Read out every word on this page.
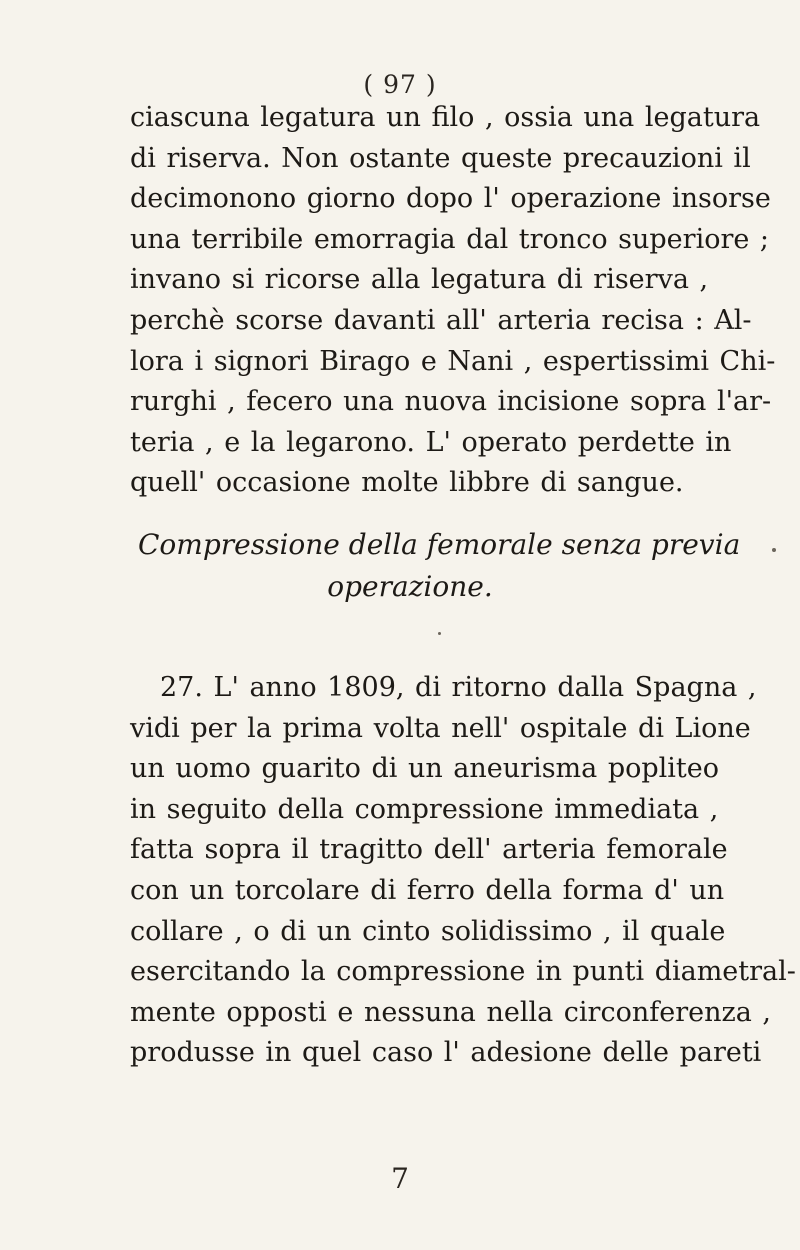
( 97 )
ciascuna legatura un filo , ossia una legatura
di riserva. Non ostante queste precauzioni il
decimonono giorno dopo l' operazione insorse
una terribile emorragia dal tronco superiore ;
invano si ricorse alla legatura di riserva ,
perchè scorse davanti all' arteria recisa : Al-
lora i signori Birago e Nani , espertissimi Chi-
rurghi , fecero una nuova incisione sopra l'ar-
teria , e la legarono. L' operato perdette in
quell' occasione molte libbre di sangue.
Compressione della femorale senza previa
operazione.
27. L' anno 1809, di ritorno dalla Spagna ,
vidi per la prima volta nell' ospitale di Lione
un uomo guarito di un aneurisma popliteo
in seguito della compressione immediata ,
fatta sopra il tragitto dell' arteria femorale
con un torcolare di ferro della forma d' un
collare , o di un cinto solidissimo , il quale
esercitando la compressione in punti diametral-
mente opposti e nessuna nella circonferenza ,
produsse in quel caso l' adesione delle pareti
7
